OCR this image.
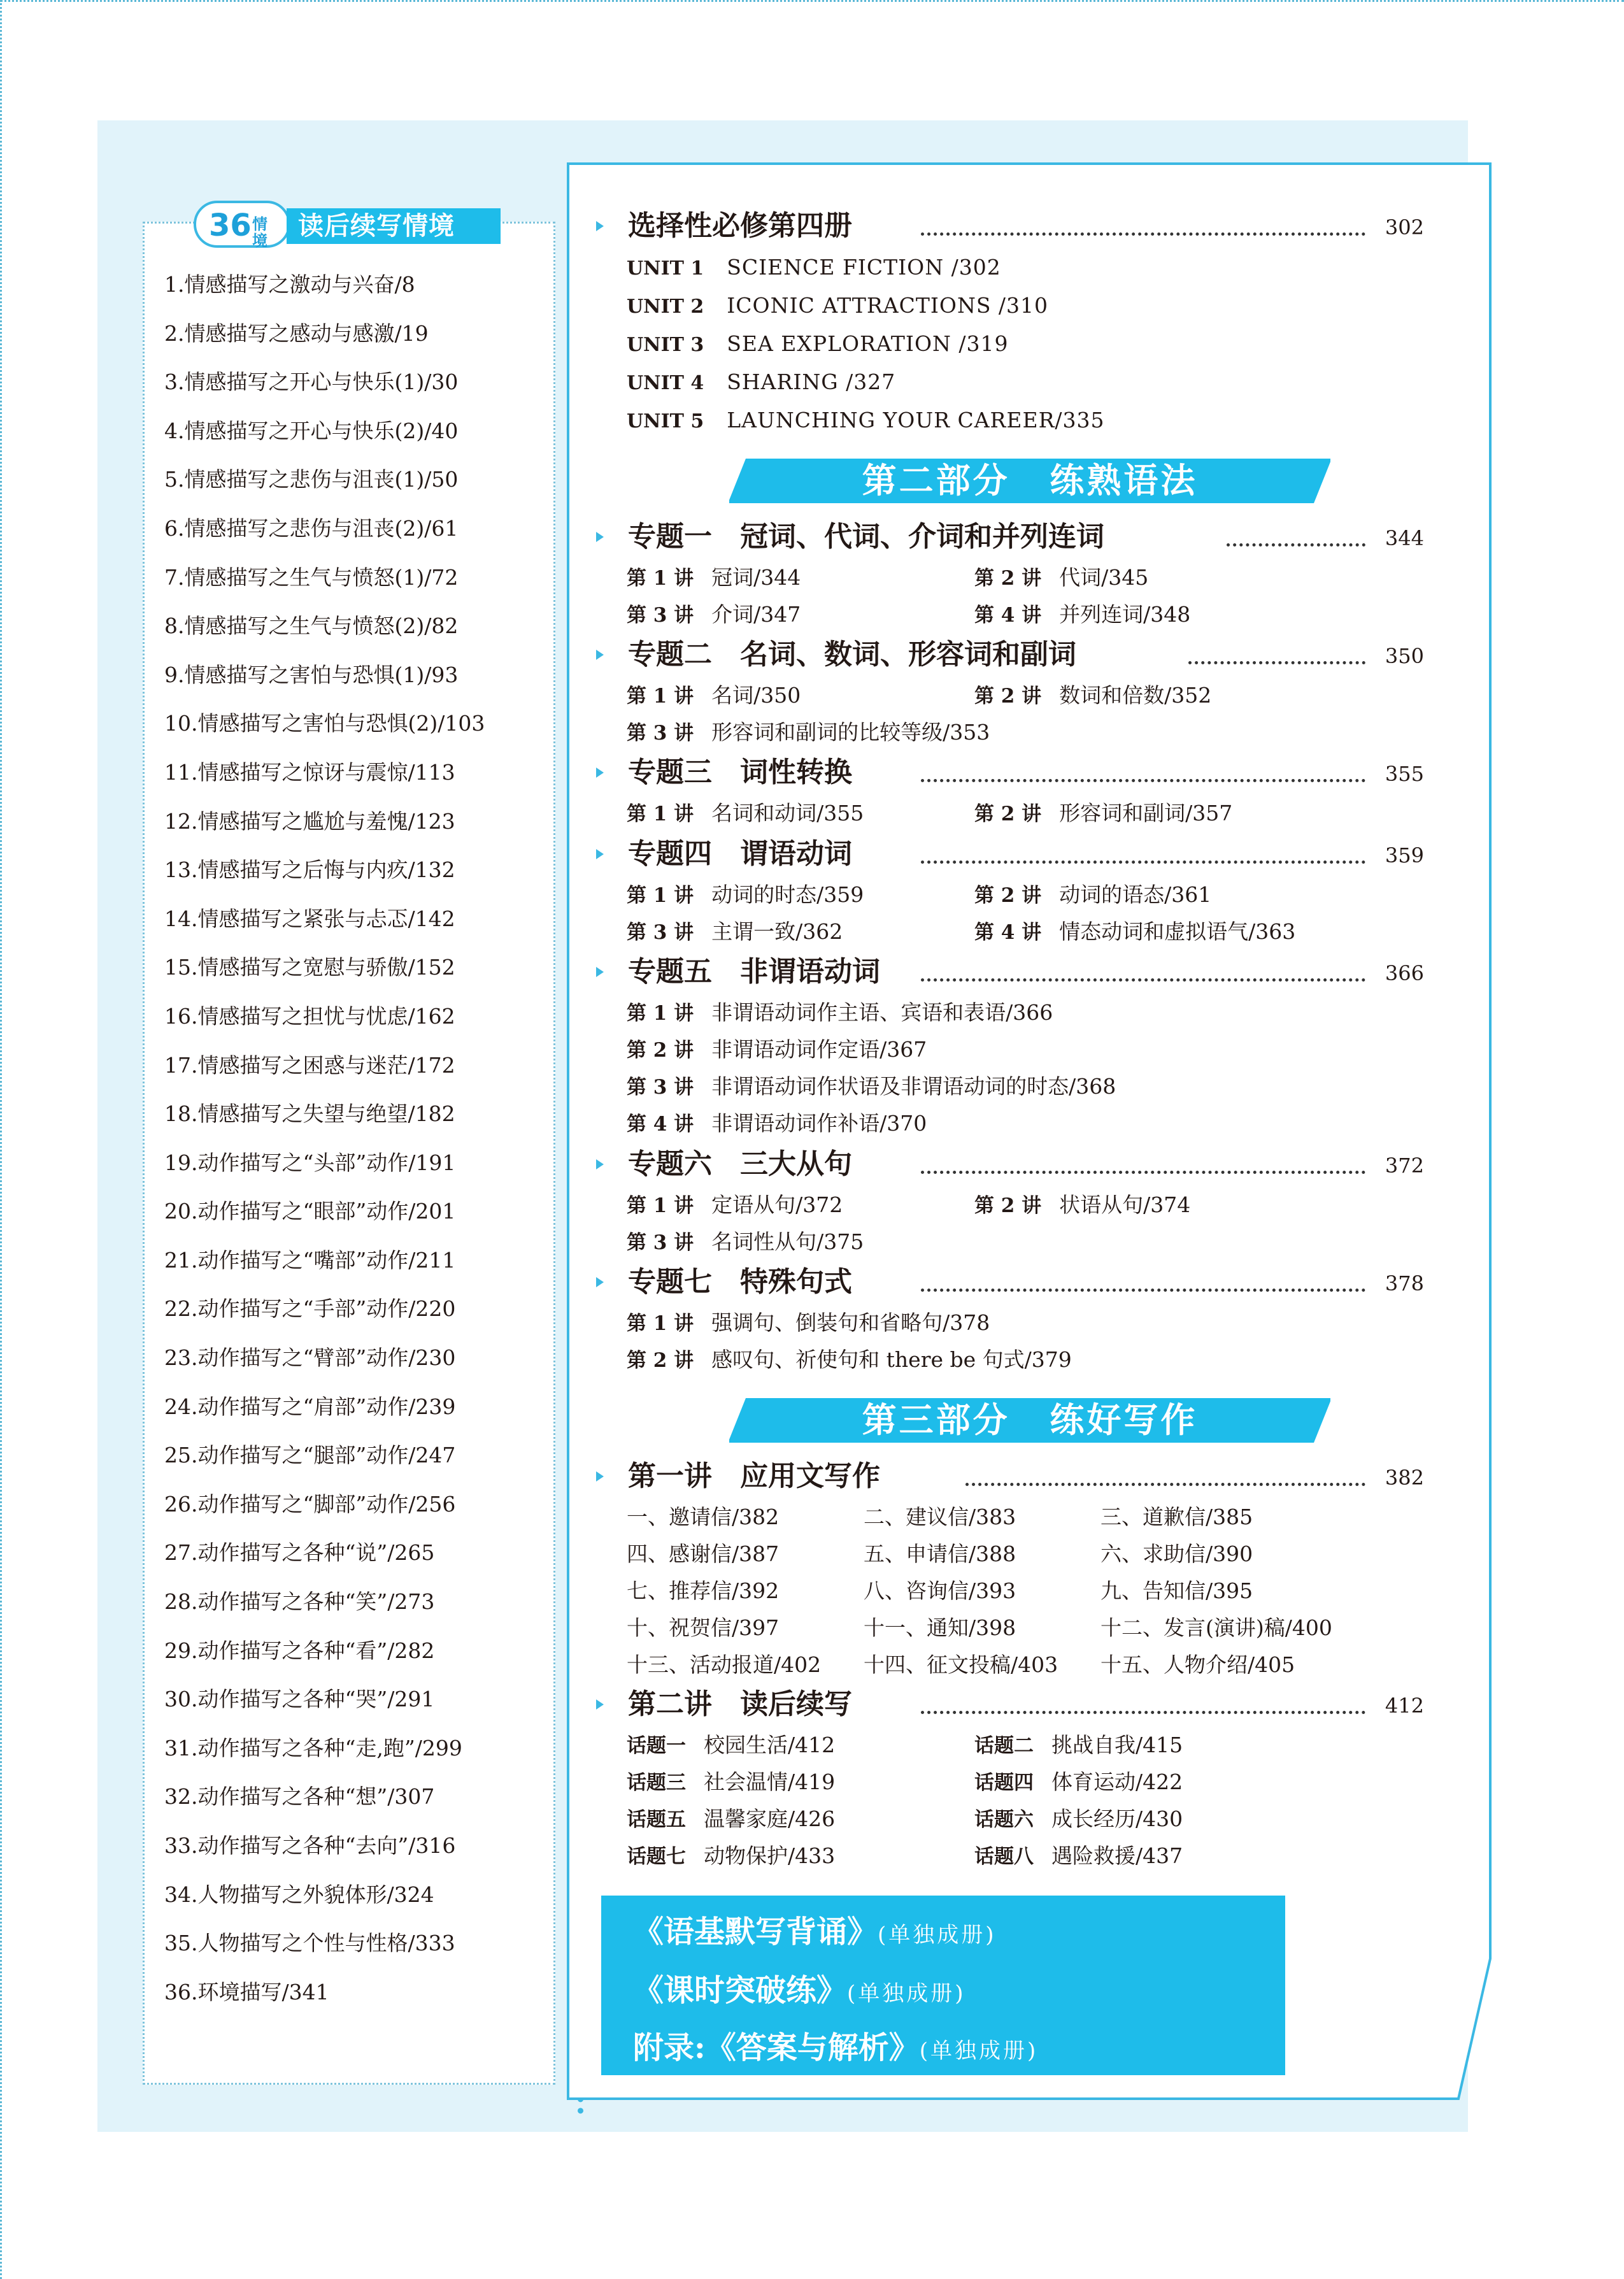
36 情境	读后续写情境
1.情感描写之激动与兴奋/8
2.情感描写之感动与感激/19
3.情感描写之开心与快乐(1)/30
4.情感描写之开心与快乐(2)/40
5.情感描写之悲伤与沮丧(1)/50
6.情感描写之悲伤与沮丧(2)/61
7.情感描写之生气与愤怒(1)/72
8.情感描写之生气与愤怒(2)/82
9.情感描写之害怕与恐惧(1)/93
10.情感描写之害怕与恐惧(2)/103
11.情感描写之惊讶与震惊/113
12.情感描写之尴尬与羞愧/123
13.情感描写之后悔与内疚/132
14.情感描写之紧张与忐忑/142
15.情感描写之宽慰与骄傲/152
16.情感描写之担忧与忧虑/162
17.情感描写之困惑与迷茫/172
18.情感描写之失望与绝望/182
19.动作描写之“头部”动作/191
20.动作描写之“眼部”动作/201
21.动作描写之“嘴部”动作/211
22.动作描写之“手部”动作/220
23.动作描写之“臂部”动作/230
24.动作描写之“肩部”动作/239
25.动作描写之“腿部”动作/247
26.动作描写之“脚部”动作/256
27.动作描写之各种“说”/265
28.动作描写之各种“笑”/273
29.动作描写之各种“看”/282
30.动作描写之各种“哭”/291
31.动作描写之各种“走,跑”/299
32.动作描写之各种“想”/307
33.动作描写之各种“去向”/316
34.人物描写之外貌体形/324
35.人物描写之个性与性格/333
36.环境描写/341
选择性必修第四册	302
UNIT 1 SCIENCE FICTION /302
UNIT 2 ICONIC ATTRACTIONS /310
UNIT 3 SEA EXPLORATION /319
UNIT 4 SHARING /327
UNIT 5 LAUNCHING YOUR CAREER/335
第二部分 练熟语法
专题一　冠词、代词、介词和并列连词	344
第 1 讲 冠词/344	第 2 讲 代词/345
第 3 讲 介词/347	第 4 讲 并列连词/348
专题二　名词、数词、形容词和副词	350
第 1 讲 名词/350	第 2 讲 数词和倍数/352
第 3 讲 形容词和副词的比较等级/353
专题三　词性转换	355
第 1 讲 名词和动词/355	第 2 讲 形容词和副词/357
专题四　谓语动词	359
第 1 讲 动词的时态/359	第 2 讲 动词的语态/361
第 3 讲 主谓一致/362	第 4 讲 情态动词和虚拟语气/363
专题五　非谓语动词	366
第 1 讲 非谓语动词作主语、宾语和表语/366
第 2 讲 非谓语动词作定语/367
第 3 讲 非谓语动词作状语及非谓语动词的时态/368
第 4 讲 非谓语动词作补语/370
专题六　三大从句	372
第 1 讲 定语从句/372	第 2 讲 状语从句/374
第 3 讲 名词性从句/375
专题七　特殊句式	378
第 1 讲 强调句、倒装句和省略句/378
第 2 讲 感叹句、祈使句和 there be 句式/379
第三部分 练好写作
第一讲　应用文写作	382
一、邀请信/382	二、建议信/383	三、道歉信/385
四、感谢信/387	五、申请信/388	六、求助信/390
七、推荐信/392	八、咨询信/393	九、告知信/395
十、祝贺信/397	十一、通知/398	十二、发言(演讲)稿/400
十三、活动报道/402 十四、征文投稿/403 十五、人物介绍/405
第二讲　读后续写	412
话题一 校园生活/412	话题二 挑战自我/415
话题三 社会温情/419	话题四 体育运动/422
话题五 温馨家庭/426	话题六 成长经历/430
话题七 动物保护/433	话题八 遇险救援/437
《语基默写背诵》(单独成册)
《课时突破练》(单独成册)
附录:《答案与解析》(单独成册)
